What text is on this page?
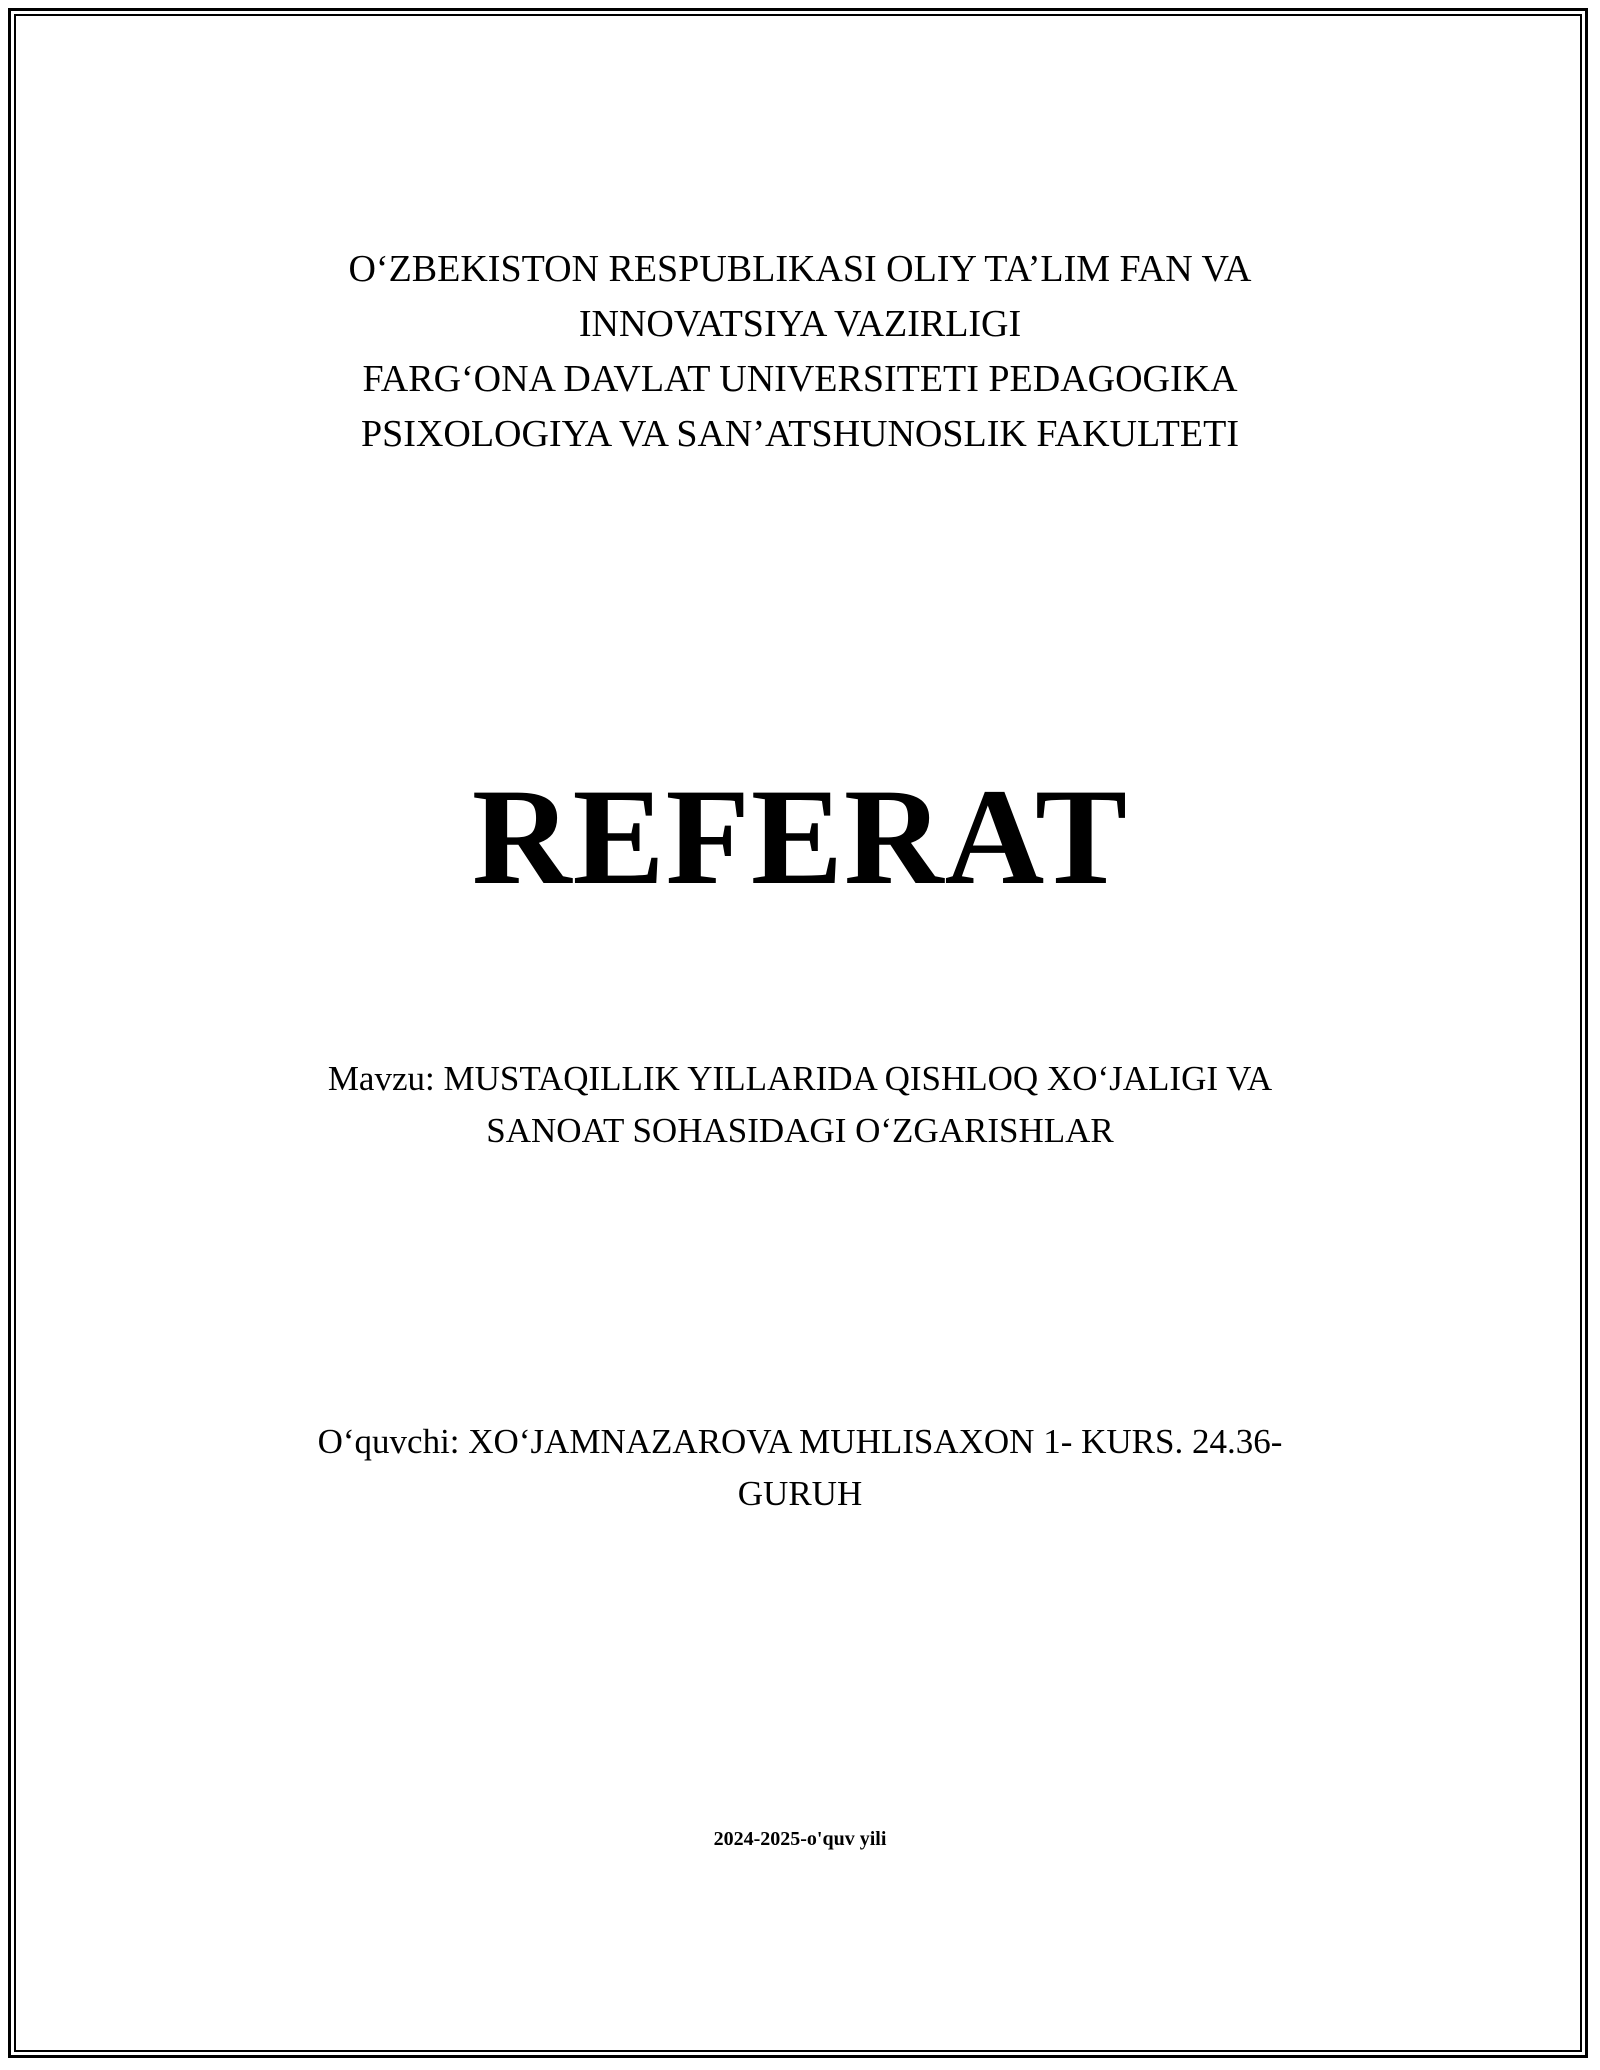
O‘ZBEKISTON RESPUBLIKASI OLIY TA’LIM FAN VA
INNOVATSIYA VAZIRLIGI
FARG‘ONA DAVLAT UNIVERSITETI PEDAGOGIKA
PSIXOLOGIYA VA SAN’ATSHUNOSLIK FAKULTETI
REFERAT
Mavzu: MUSTAQILLIK YILLARIDA QISHLOQ XO‘JALIGI VA
SANOAT SOHASIDAGI O‘ZGARISHLAR
O‘quvchi: XO‘JAMNAZAROVA MUHLISAXON 1- KURS. 24.36-
GURUH
2024-2025-o'quv yili
